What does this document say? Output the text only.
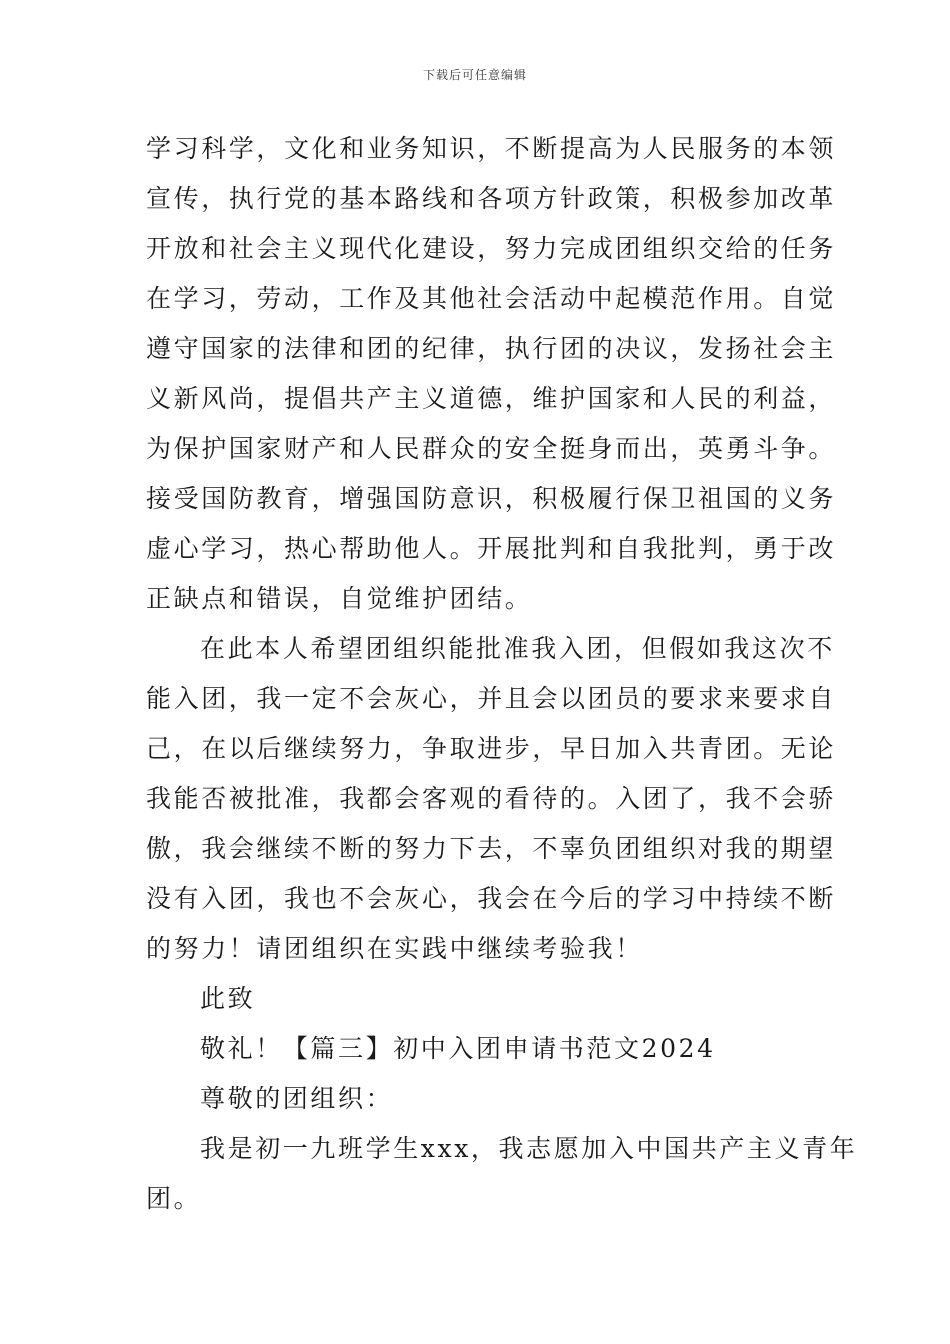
下载后可任意编辑
学习科学，文化和业务知识，不断提高为人民服务的本领
宣传，执行党的基本路线和各项方针政策，积极参加改革
开放和社会主义现代化建设，努力完成团组织交给的任务
在学习，劳动，工作及其他社会活动中起模范作用。自觉
遵守国家的法律和团的纪律，执行团的决议，发扬社会主
义新风尚，提倡共产主义道德，维护国家和人民的利益，
为保护国家财产和人民群众的安全挺身而出，英勇斗争。
接受国防教育，增强国防意识，积极履行保卫祖国的义务
虚心学习，热心帮助他人。开展批判和自我批判，勇于改
正缺点和错误，自觉维护团结。
在此本人希望团组织能批准我入团，但假如我这次不
能入团，我一定不会灰心，并且会以团员的要求来要求自
己，在以后继续努力，争取进步，早日加入共青团。无论
我能否被批准，我都会客观的看待的。入团了，我不会骄
傲，我会继续不断的努力下去，不辜负团组织对我的期望
没有入团，我也不会灰心，我会在今后的学习中持续不断
的努力！请团组织在实践中继续考验我！
此致
敬礼！【篇三】初中入团申请书范文2024
尊敬的团组织：
我是初一九班学生xxx，我志愿加入中国共产主义青年
团。
